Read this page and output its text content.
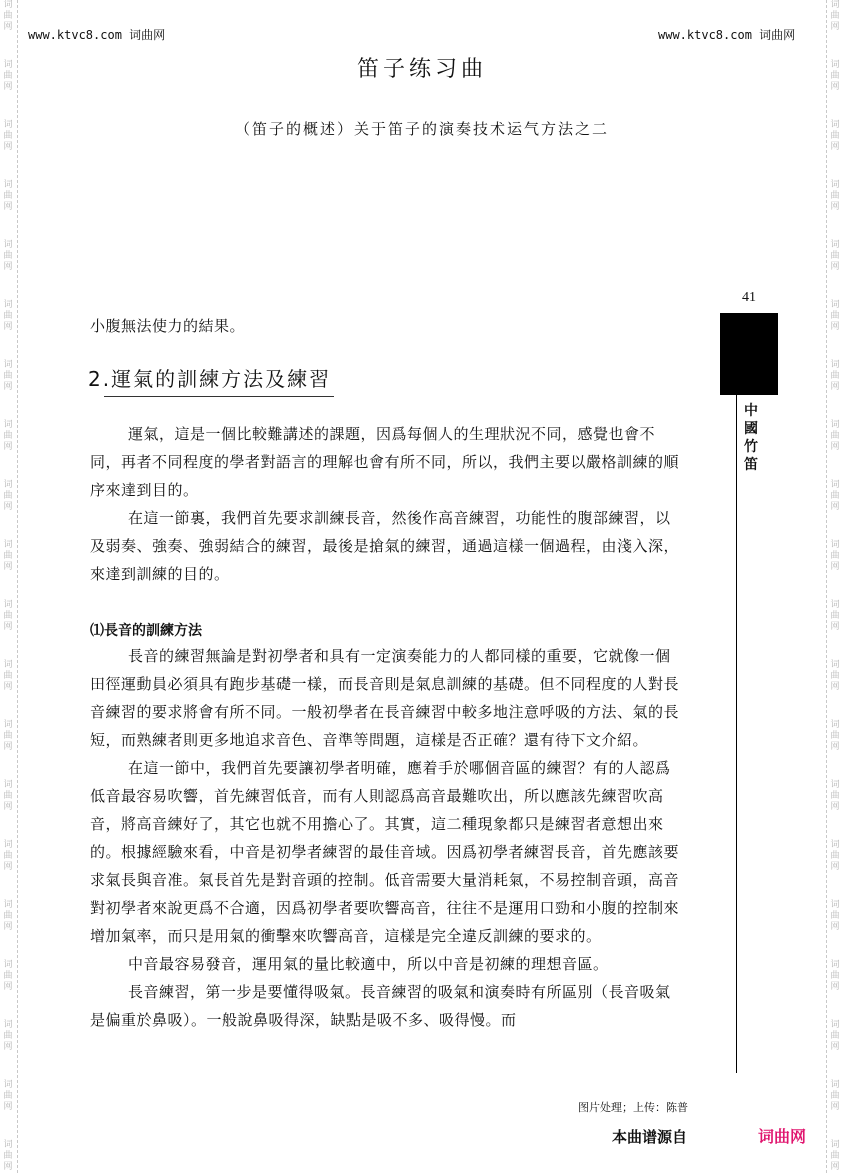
词
曲
网
词
曲
网
词
曲
网
词
曲
网
词
曲
网
词
曲
网
词
曲
网
词
曲
网
词
曲
网
词
曲
网
词
曲
网
词
曲
网
词
曲
网
词
曲
网
词
曲
网
词
曲
网
词
曲
网
词
曲
网
词
曲
网
词
曲
网
词
曲
网
词
曲
网
词
曲
网
词
曲
网
词
曲
网
词
曲
网
词
曲
网
词
曲
网
词
曲
网
词
曲
网
词
曲
网
词
曲
网
词
曲
网
词
曲
网
词
曲
网
词
曲
网
词
曲
网
词
曲
网
词
曲
网
词
曲
网
www.ktvc8.com 词曲网	www.ktvc8.com 词曲网
笛子练习曲
（笛子的概述）关于笛子的演奏技术运气方法之二
41
中
國
竹
笛

小腹無法使力的結果。

2.運氣的訓練方法及練習

運氣，這是一個比較難講述的課題，因爲每個人的生理狀況不同，感覺也會不同，再者不同程度的學者對語言的理解也會有所不同，所以，我們主要以嚴格訓練的順序來達到目的。

在這一節裏，我們首先要求訓練長音，然後作高音練習，功能性的腹部練習，以及弱奏、強奏、強弱結合的練習，最後是搶氣的練習，通過這樣一個過程，由淺入深，來達到訓練的目的。

⑴長音的訓練方法

長音的練習無論是對初學者和具有一定演奏能力的人都同樣的重要，它就像一個田徑運動員必須具有跑步基礎一樣，而長音則是氣息訓練的基礎。但不同程度的人對長音練習的要求將會有所不同。一般初學者在長音練習中較多地注意呼吸的方法、氣的長短，而熟練者則更多地追求音色、音準等問題，這樣是否正確？還有待下文介紹。

在這一節中，我們首先要讓初學者明確，應着手於哪個音區的練習？有的人認爲低音最容易吹響，首先練習低音，而有人則認爲高音最難吹出，所以應該先練習吹高音，將高音練好了，其它也就不用擔心了。其實，這二種現象都只是練習者意想出來的。根據經驗來看，中音是初學者練習的最佳音域。因爲初學者練習長音，首先應該要求氣長與音准。氣長首先是對音頭的控制。低音需要大量消耗氣，不易控制音頭，高音對初學者來說更爲不合適，因爲初學者要吹響高音，往往不是運用口勁和小腹的控制來增加氣率，而只是用氣的衝擊來吹響高音，這樣是完全違反訓練的要求的。

中音最容易發音，運用氣的量比較適中，所以中音是初練的理想音區。

長音練習，第一步是要懂得吸氣。長音練習的吸氣和演奏時有所區別（長音吸氣是偏重於鼻吸）。一般說鼻吸得深，缺點是吸不多、吸得慢。而

图片处理；上传：陈普
本曲谱源自	词曲网
